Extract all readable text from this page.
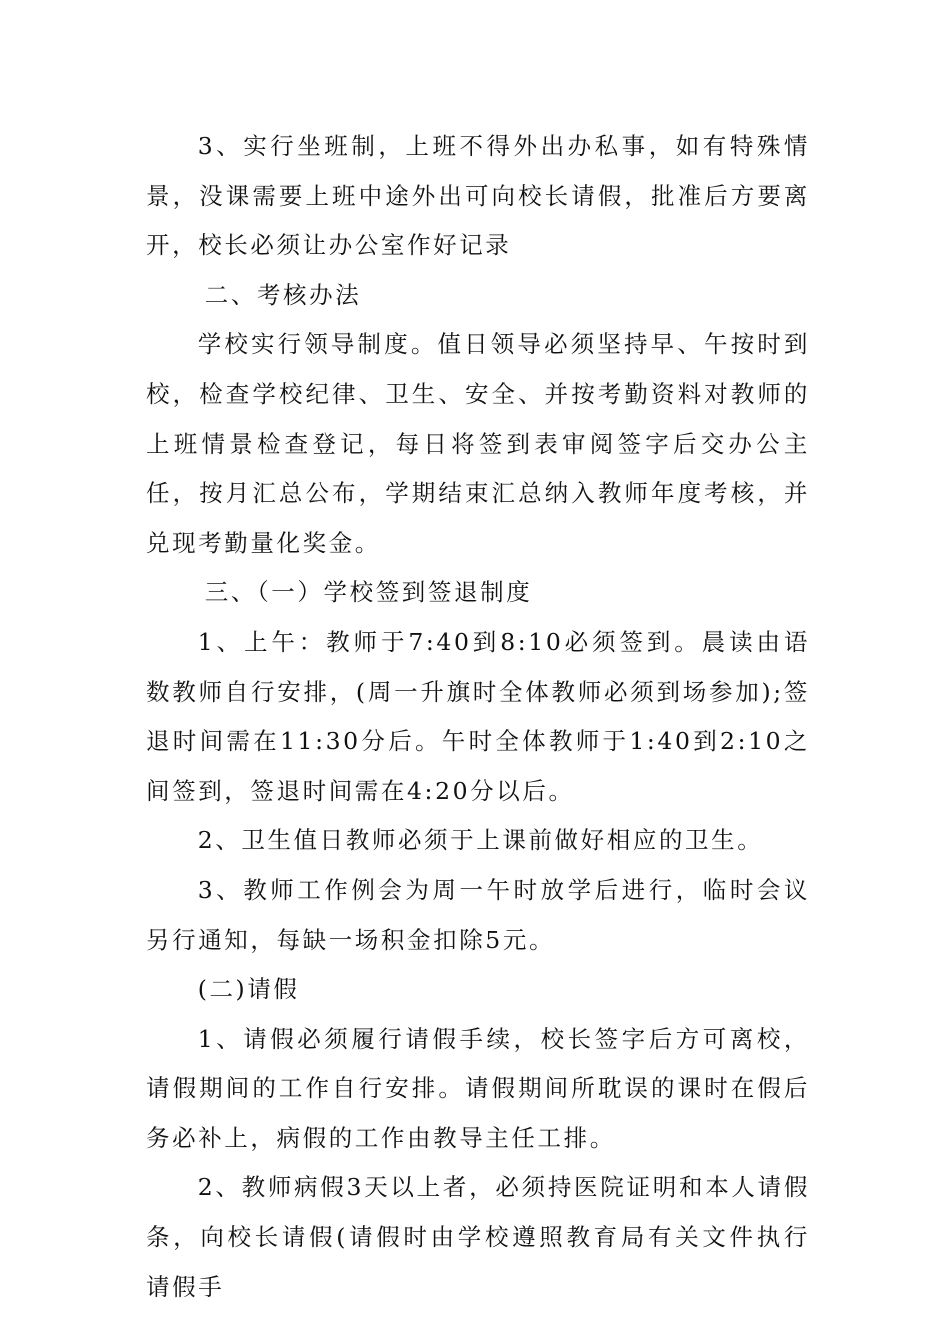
3、实行坐班制，上班不得外出办私事，如有特殊情景，没课需要上班中途外出可向校长请假，批准后方要离开，校长必须让办公室作好记录

二、考核办法

学校实行领导制度。值日领导必须坚持早、午按时到校，检查学校纪律、卫生、安全、并按考勤资料对教师的上班情景检查登记，每日将签到表审阅签字后交办公主任，按月汇总公布，学期结束汇总纳入教师年度考核，并兑现考勤量化奖金。

三、（一）学校签到签退制度

1、上午：教师于7:40到8:10必须签到。晨读由语数教师自行安排，(周一升旗时全体教师必须到场参加);签退时间需在11:30分后。午时全体教师于1:40到2:10之间签到，签退时间需在4:20分以后。

2、卫生值日教师必须于上课前做好相应的卫生。

3、教师工作例会为周一午时放学后进行，临时会议另行通知，每缺一场积金扣除5元。

(二)请假

1、请假必须履行请假手续，校长签字后方可离校，请假期间的工作自行安排。请假期间所耽误的课时在假后务必补上，病假的工作由教导主任工排。

2、教师病假3天以上者，必须持医院证明和本人请假条，向校长请假(请假时由学校遵照教育局有关文件执行请假手
